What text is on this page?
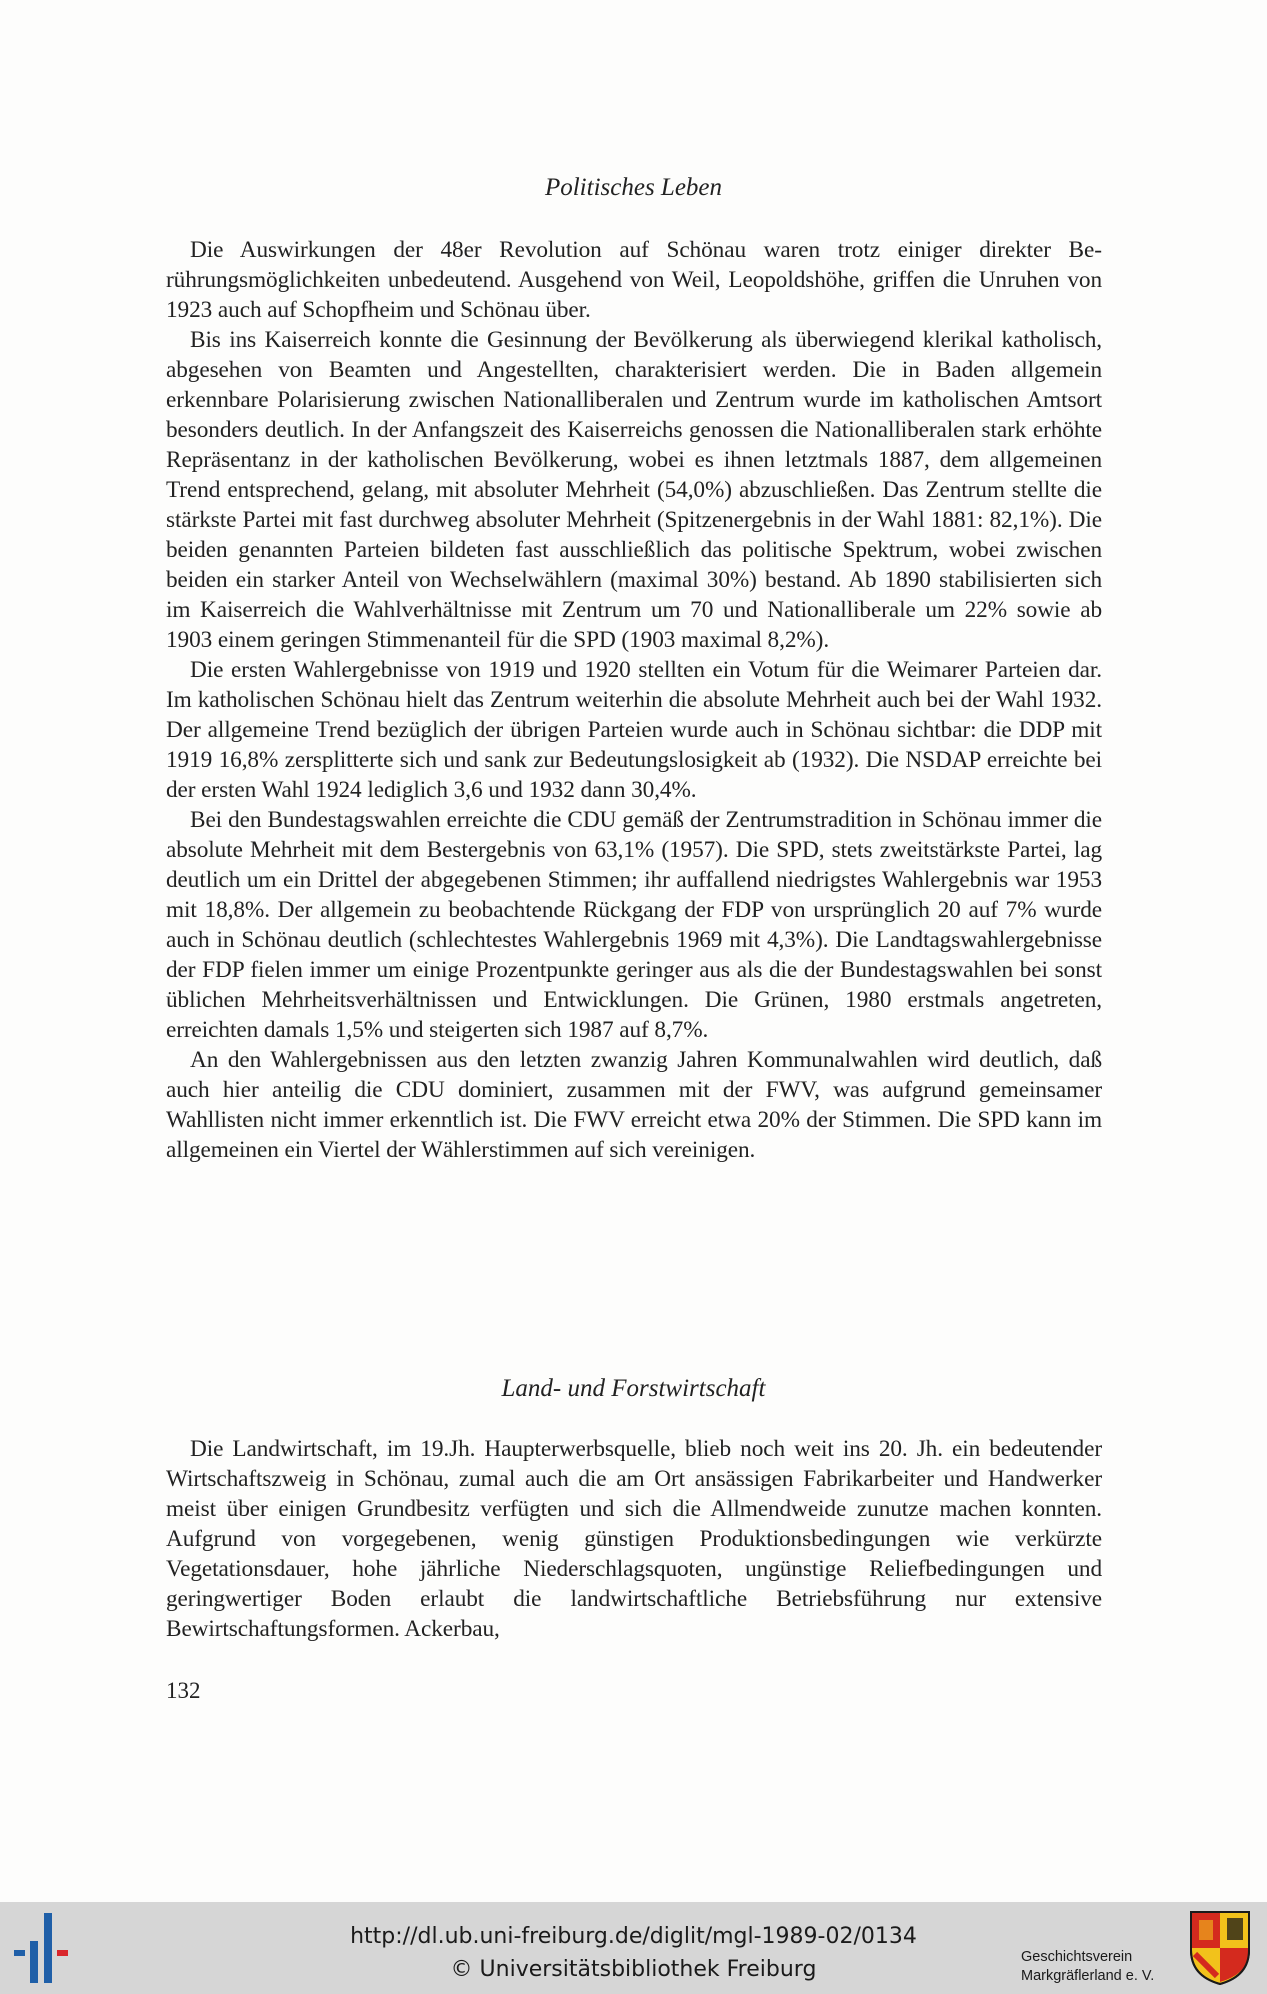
Politisches Leben

Die Auswirkungen der 48er Revolution auf Schönau waren trotz einiger direkter Berührungsmöglichkeiten unbedeutend. Ausgehend von Weil, Leopoldshöhe, griffen die Unruhen von 1923 auch auf Schopfheim und Schönau über.

Bis ins Kaiserreich konnte die Gesinnung der Bevölkerung als überwiegend klerikal katholisch, abgesehen von Beamten und Angestellten, charakterisiert werden. Die in Baden allgemein erkennbare Polarisierung zwischen Nationalliberalen und Zentrum wurde im katholischen Amtsort besonders deutlich. In der Anfangszeit des Kaiserreichs genossen die Nationalliberalen stark erhöhte Repräsentanz in der katholischen Bevölkerung, wobei es ihnen letztmals 1887, dem allgemeinen Trend entsprechend, gelang, mit absoluter Mehrheit (54,0%) abzuschließen. Das Zentrum stellte die stärkste Partei mit fast durchweg absoluter Mehrheit (Spitzenergebnis in der Wahl 1881: 82,1%). Die beiden genannten Parteien bildeten fast ausschließlich das politische Spektrum, wobei zwischen beiden ein starker Anteil von Wechselwählern (maximal 30%) bestand. Ab 1890 stabilisierten sich im Kaiserreich die Wahlverhältnisse mit Zentrum um 70 und Nationalliberale um 22% sowie ab 1903 einem geringen Stimmenanteil für die SPD (1903 maximal 8,2%).

Die ersten Wahlergebnisse von 1919 und 1920 stellten ein Votum für die Weimarer Parteien dar. Im katholischen Schönau hielt das Zentrum weiterhin die absolute Mehrheit auch bei der Wahl 1932. Der allgemeine Trend bezüglich der übrigen Parteien wurde auch in Schönau sichtbar: die DDP mit 1919 16,8% zersplitterte sich und sank zur Bedeutungslosigkeit ab (1932). Die NSDAP erreichte bei der ersten Wahl 1924 lediglich 3,6 und 1932 dann 30,4%.

Bei den Bundestagswahlen erreichte die CDU gemäß der Zentrumstradition in Schönau immer die absolute Mehrheit mit dem Bestergebnis von 63,1% (1957). Die SPD, stets zweitstärkste Partei, lag deutlich um ein Drittel der abgegebenen Stimmen; ihr auffallend niedrigstes Wahlergebnis war 1953 mit 18,8%. Der allgemein zu beobachtende Rückgang der FDP von ursprünglich 20 auf 7% wurde auch in Schönau deutlich (schlechtestes Wahlergebnis 1969 mit 4,3%). Die Landtagswahlergebnisse der FDP fielen immer um einige Prozentpunkte geringer aus als die der Bundestagswahlen bei sonst üblichen Mehrheitsverhältnissen und Entwicklungen. Die Grünen, 1980 erstmals angetreten, erreichten damals 1,5% und steigerten sich 1987 auf 8,7%.

An den Wahlergebnissen aus den letzten zwanzig Jahren Kommunalwahlen wird deutlich, daß auch hier anteilig die CDU dominiert, zusammen mit der FWV, was aufgrund gemeinsamer Wahllisten nicht immer erkenntlich ist. Die FWV erreicht etwa 20% der Stimmen. Die SPD kann im allgemeinen ein Viertel der Wählerstimmen auf sich vereinigen.

Land- und Forstwirtschaft

Die Landwirtschaft, im 19.Jh. Haupterwerbsquelle, blieb noch weit ins 20. Jh. ein bedeutender Wirtschaftszweig in Schönau, zumal auch die am Ort ansässigen Fabrikarbeiter und Handwerker meist über einigen Grundbesitz verfügten und sich die Allmendweide zunutze machen konnten. Aufgrund von vorgegebenen, wenig günstigen Produktionsbedingungen wie verkürzte Vegetationsdauer, hohe jährliche Niederschlagsquoten, ungünstige Reliefbedingungen und geringwertiger Boden erlaubt die landwirtschaftliche Betriebsführung nur extensive Bewirtschaftungsformen. Ackerbau,

132

http://dl.ub.uni-freiburg.de/diglit/mgl-1989-02/0134

© Universitätsbibliothek Freiburg	Geschichtsverein
Markgräflerland e. V.
